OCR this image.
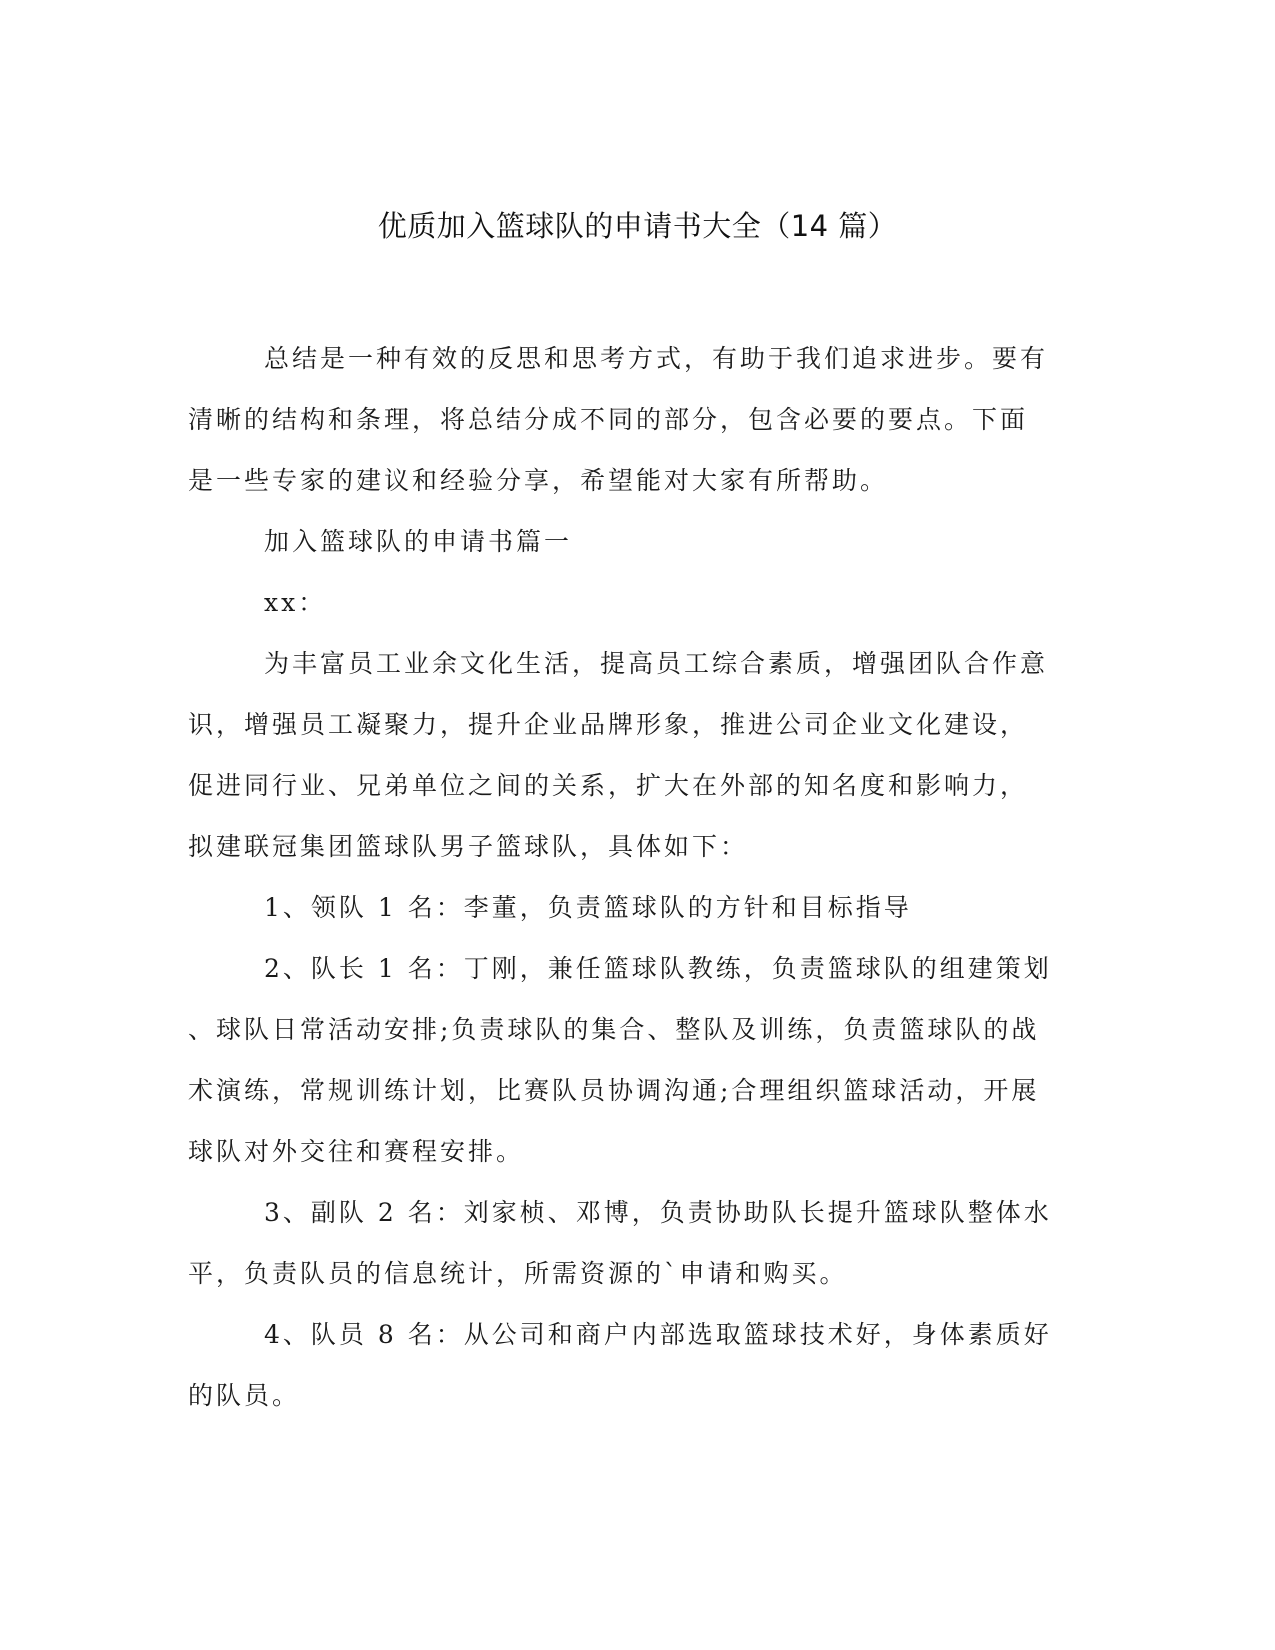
优质加入篮球队的申请书大全（14 篇）
总结是一种有效的反思和思考方式，有助于我们追求进步。要有
清晰的结构和条理，将总结分成不同的部分，包含必要的要点。下面
是一些专家的建议和经验分享，希望能对大家有所帮助。
加入篮球队的申请书篇一
xx：
为丰富员工业余文化生活，提高员工综合素质，增强团队合作意
识，增强员工凝聚力，提升企业品牌形象，推进公司企业文化建设，
促进同行业、兄弟单位之间的关系，扩大在外部的知名度和影响力，
拟建联冠集团篮球队男子篮球队，具体如下：
1、领队 1 名：李董，负责篮球队的方针和目标指导
2、队长 1 名：丁刚，兼任篮球队教练，负责篮球队的组建策划
、球队日常活动安排;负责球队的集合、整队及训练，负责篮球队的战
术演练，常规训练计划，比赛队员协调沟通;合理组织篮球活动，开展
球队对外交往和赛程安排。
3、副队 2 名：刘家桢、邓博，负责协助队长提升篮球队整体水
平，负责队员的信息统计，所需资源的`申请和购买。
4、队员 8 名：从公司和商户内部选取篮球技术好，身体素质好
的队员。
